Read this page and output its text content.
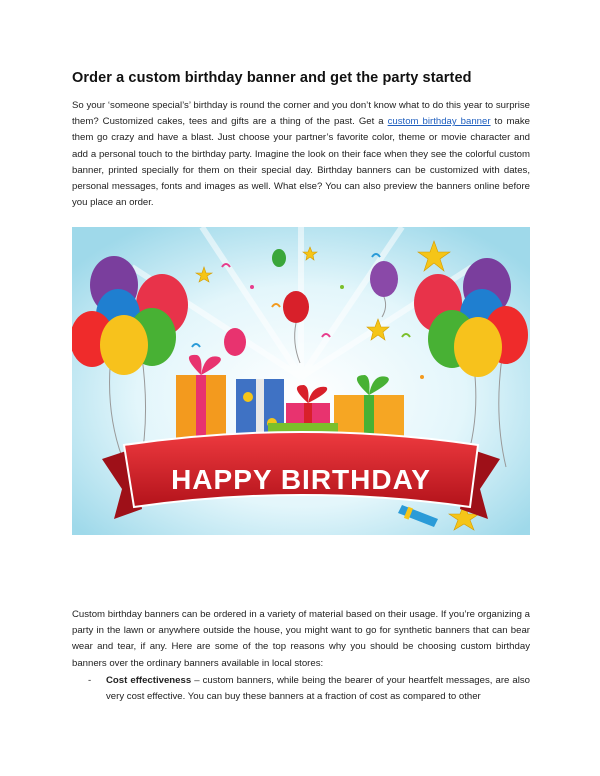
Order a custom birthday banner and get the party started

So your ‘someone special’s’ birthday is round the corner and you don’t know what to do this year to surprise them? Customized cakes, tees and gifts are a thing of the past. Get a custom birthday banner to make them go crazy and have a blast. Just choose your partner’s favorite color, theme or movie character and add a personal touch to the birthday party. Imagine the look on their face when they see the colorful custom banner, printed specially for them on their special day. Birthday banners can be customized with dates, personal messages, fonts and images as well. What else? You can also preview the banners online before you place an order.

HAPPY BIRTHDAY

Custom birthday banners can be ordered in a variety of material based on their usage. If you’re organizing a party in the lawn or anywhere outside the house, you might want to go for synthetic banners that can bear wear and tear, if any. Here are some of the top reasons why you should be choosing custom birthday banners over the ordinary banners available in local stores:

- Cost effectiveness – custom banners, while being the bearer of your heartfelt messages, are also very cost effective. You can buy these banners at a fraction of cost as compared to other
